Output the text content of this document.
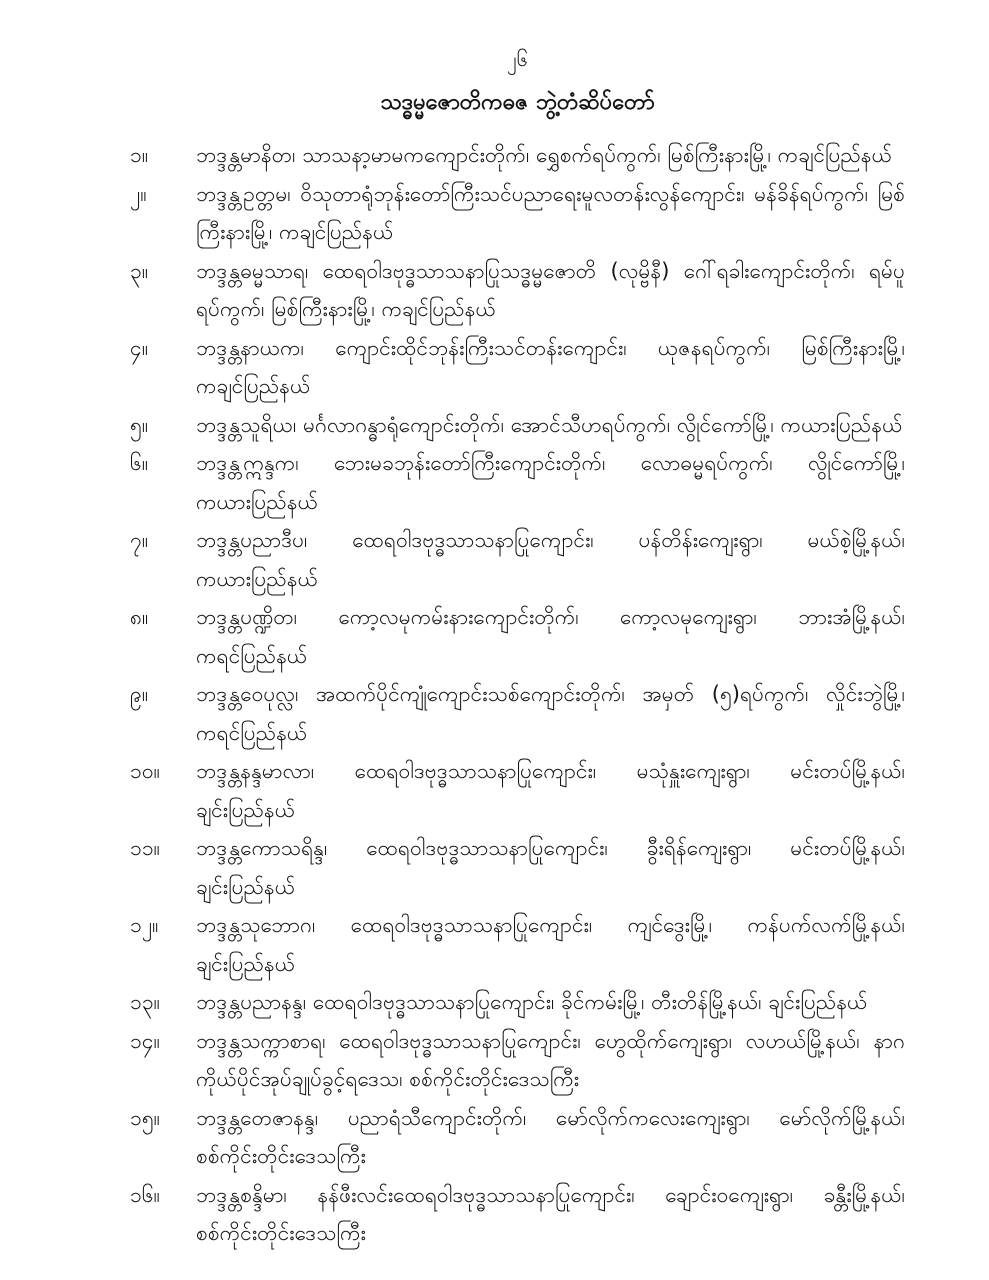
၂၆
သဒ္ဓမ္မဇောတိကဓဇ ဘွဲ့တံဆိပ်တော်
၁။	ဘဒ္ဒန္တမာနိတ၊ သာသနာ့မာမကကျောင်းတိုက်၊ ရွှေစက်ရပ်ကွက်၊ မြစ်ကြီးနားမြို့၊ ကချင်ပြည်နယ်
၂။	ဘဒ္ဒန္တဥတ္တမ၊ ဝိသုတာရုံဘုန်းတော်ကြီးသင်ပညာရေးမူလတန်းလွန်ကျောင်း၊ မန်ခိန်ရပ်ကွက်၊ မြစ်ကြီးနားမြို့၊ ကချင်ပြည်နယ်
၃။	ဘဒ္ဒန္တဓမ္မသာရ၊ ထေရဝါဒဗုဒ္ဓသာသနာပြုသဒ္ဓမ္မဇောတိ (လုမ္ဗိနီ) ဂေါ်ရခါးကျောင်းတိုက်၊ ရမ်ပူရပ်ကွက်၊ မြစ်ကြီးနားမြို့၊ ကချင်ပြည်နယ်
၄။	ဘဒ္ဒန္တနာယက၊ ကျောင်းထိုင်ဘုန်းကြီးသင်တန်းကျောင်း၊ ယုဇနရပ်ကွက်၊ မြစ်ကြီးနားမြို့၊ ကချင်ပြည်နယ်
၅။	ဘဒ္ဒန္တသူရိယ၊ မင်္ဂလာဂန္ဓာရုံကျောင်းတိုက်၊ အောင်သီဟရပ်ကွက်၊ လွိုင်ကော်မြို့၊ ကယားပြည်နယ်
၆။	ဘဒ္ဒန္တဣန္ဒက၊ ဘေးမခဘုန်းတော်ကြီးကျောင်းတိုက်၊ လောဓမ္မရပ်ကွက်၊ လွိုင်ကော်မြို့၊ ကယားပြည်နယ်
၇။	ဘဒ္ဒန္တပညာဒီပ၊ ထေရဝါဒဗုဒ္ဓသာသနာပြုကျောင်း၊ ပန်တိန်းကျေးရွာ၊ မယ်စဲ့မြို့နယ်၊ ကယားပြည်နယ်
၈။	ဘဒ္ဒန္တပဏ္ဍိတ၊ ကော့လမုကမ်းနားကျောင်းတိုက်၊ ကော့လမုကျေးရွာ၊ ဘားအံမြို့နယ်၊ ကရင်ပြည်နယ်
၉။	ဘဒ္ဒန္တဝေပုလ္လ၊ အထက်ပိုင်ကျုံကျောင်းသစ်ကျောင်းတိုက်၊ အမှတ် (၅)ရပ်ကွက်၊ လှိုင်းဘွဲမြို့၊ ကရင်ပြည်နယ်
၁၀။	ဘဒ္ဒန္တနန္ဒမာလာ၊ ထေရဝါဒဗုဒ္ဓသာသနာပြုကျောင်း၊ မသုံနှူးကျေးရွာ၊ မင်းတပ်မြို့နယ်၊ ချင်းပြည်နယ်
၁၁။	ဘဒ္ဒန္တကောသရိန္ဒ၊ ထေရဝါဒဗုဒ္ဓသာသနာပြုကျောင်း၊ ခွီးရိန်ကျေးရွာ၊ မင်းတပ်မြို့နယ်၊ ချင်းပြည်နယ်
၁၂။	ဘဒ္ဒန္တသုဘောဂ၊ ထေရဝါဒဗုဒ္ဓသာသနာပြုကျောင်း၊ ကျင်ဒွေးမြို့၊ ကန်ပက်လက်မြို့နယ်၊ ချင်းပြည်နယ်
၁၃။	ဘဒ္ဒန္တပညာနန္ဒ၊ ထေရဝါဒဗုဒ္ဓသာသနာပြုကျောင်း၊ ခိုင်ကမ်းမြို့၊ တီးတိန်မြို့နယ်၊ ချင်းပြည်နယ်
၁၄။	ဘဒ္ဒန္တသက္ကာစာရ၊ ထေရဝါဒဗုဒ္ဓသာသနာပြုကျောင်း၊ ဟွေထိုက်ကျေးရွာ၊ လဟယ်မြို့နယ်၊ နာဂကိုယ်ပိုင်အုပ်ချုပ်ခွင့်ရဒေသ၊ စစ်ကိုင်းတိုင်းဒေသကြီး
၁၅။	ဘဒ္ဒန္တတေဇာနန္ဒ၊ ပညာရံသီကျောင်းတိုက်၊ မော်လိုက်ကလေးကျေးရွာ၊ မော်လိုက်မြို့နယ်၊ စစ်ကိုင်းတိုင်းဒေသကြီး
၁၆။	ဘဒ္ဒန္တစန္ဒိမာ၊ နန်ဖီးလင်းထေရဝါဒဗုဒ္ဓသာသနာပြုကျောင်း၊ ချောင်းဝကျေးရွာ၊ ခန္တီးမြို့နယ်၊ စစ်ကိုင်းတိုင်းဒေသကြီး
